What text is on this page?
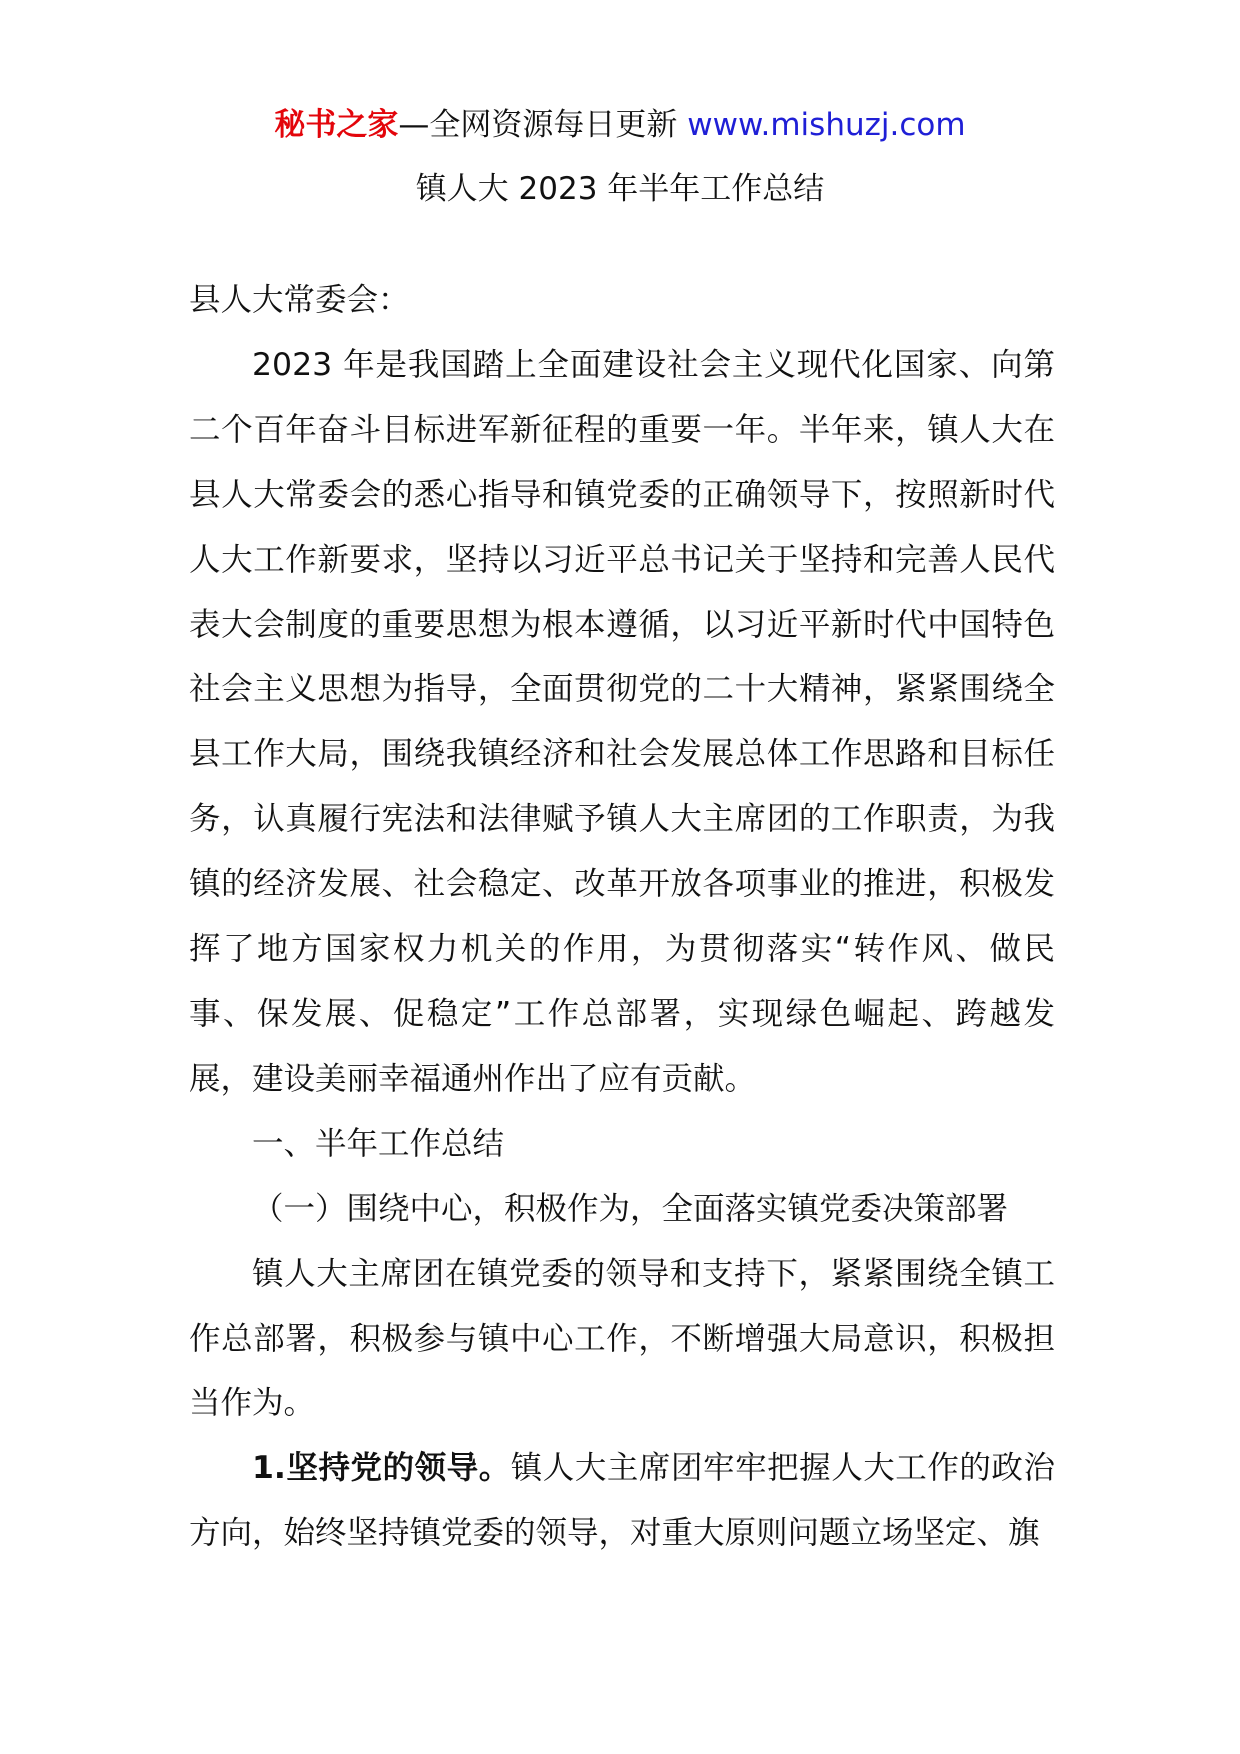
秘书之家—全网资源每日更新 www.mishuzj.com
镇人大 2023 年半年工作总结

县人大常委会：

2023 年是我国踏上全面建设社会主义现代化国家、向第二个百年奋斗目标进军新征程的重要一年。半年来，镇人大在县人大常委会的悉心指导和镇党委的正确领导下，按照新时代人大工作新要求，坚持以习近平总书记关于坚持和完善人民代表大会制度的重要思想为根本遵循，以习近平新时代中国特色社会主义思想为指导，全面贯彻党的二十大精神，紧紧围绕全县工作大局，围绕我镇经济和社会发展总体工作思路和目标任务，认真履行宪法和法律赋予镇人大主席团的工作职责，为我镇的经济发展、社会稳定、改革开放各项事业的推进，积极发挥了地方国家权力机关的作用，为贯彻落实“转作风、做民事、保发展、促稳定”工作总部署，实现绿色崛起、跨越发展，建设美丽幸福通州作出了应有贡献。

一、半年工作总结

（一）围绕中心，积极作为，全面落实镇党委决策部署

镇人大主席团在镇党委的领导和支持下，紧紧围绕全镇工作总部署，积极参与镇中心工作，不断增强大局意识，积极担当作为。

1.坚持党的领导。镇人大主席团牢牢把握人大工作的政治方向，始终坚持镇党委的领导，对重大原则问题立场坚定、旗
